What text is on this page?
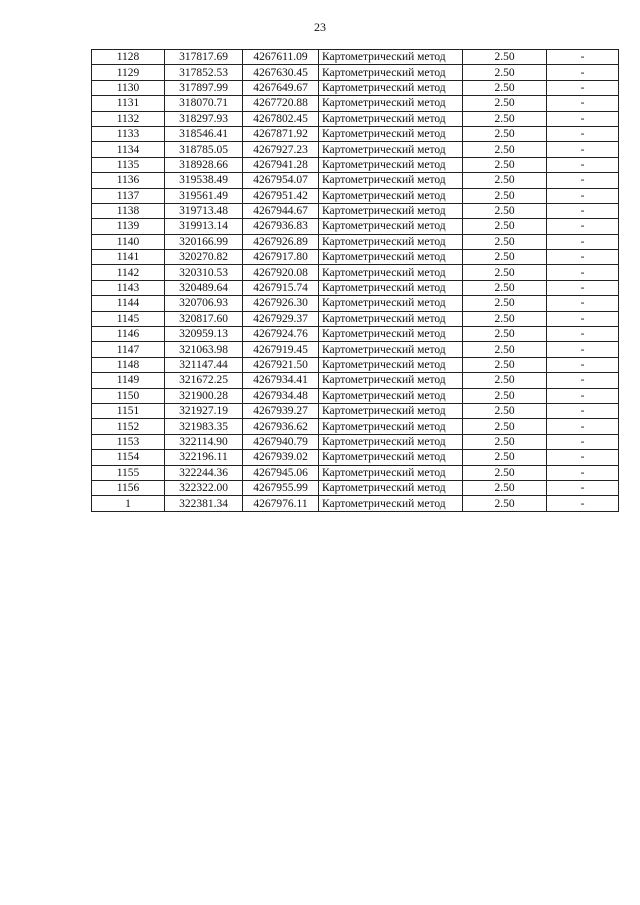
23
1128	317817.69	4267611.09	Картометрический метод	2.50	-
1129	317852.53	4267630.45	Картометрический метод	2.50	-
1130	317897.99	4267649.67	Картометрический метод	2.50	-
1131	318070.71	4267720.88	Картометрический метод	2.50	-
1132	318297.93	4267802.45	Картометрический метод	2.50	-
1133	318546.41	4267871.92	Картометрический метод	2.50	-
1134	318785.05	4267927.23	Картометрический метод	2.50	-
1135	318928.66	4267941.28	Картометрический метод	2.50	-
1136	319538.49	4267954.07	Картометрический метод	2.50	-
1137	319561.49	4267951.42	Картометрический метод	2.50	-
1138	319713.48	4267944.67	Картометрический метод	2.50	-
1139	319913.14	4267936.83	Картометрический метод	2.50	-
1140	320166.99	4267926.89	Картометрический метод	2.50	-
1141	320270.82	4267917.80	Картометрический метод	2.50	-
1142	320310.53	4267920.08	Картометрический метод	2.50	-
1143	320489.64	4267915.74	Картометрический метод	2.50	-
1144	320706.93	4267926.30	Картометрический метод	2.50	-
1145	320817.60	4267929.37	Картометрический метод	2.50	-
1146	320959.13	4267924.76	Картометрический метод	2.50	-
1147	321063.98	4267919.45	Картометрический метод	2.50	-
1148	321147.44	4267921.50	Картометрический метод	2.50	-
1149	321672.25	4267934.41	Картометрический метод	2.50	-
1150	321900.28	4267934.48	Картометрический метод	2.50	-
1151	321927.19	4267939.27	Картометрический метод	2.50	-
1152	321983.35	4267936.62	Картометрический метод	2.50	-
1153	322114.90	4267940.79	Картометрический метод	2.50	-
1154	322196.11	4267939.02	Картометрический метод	2.50	-
1155	322244.36	4267945.06	Картометрический метод	2.50	-
1156	322322.00	4267955.99	Картометрический метод	2.50	-
1	322381.34	4267976.11	Картометрический метод	2.50	-
